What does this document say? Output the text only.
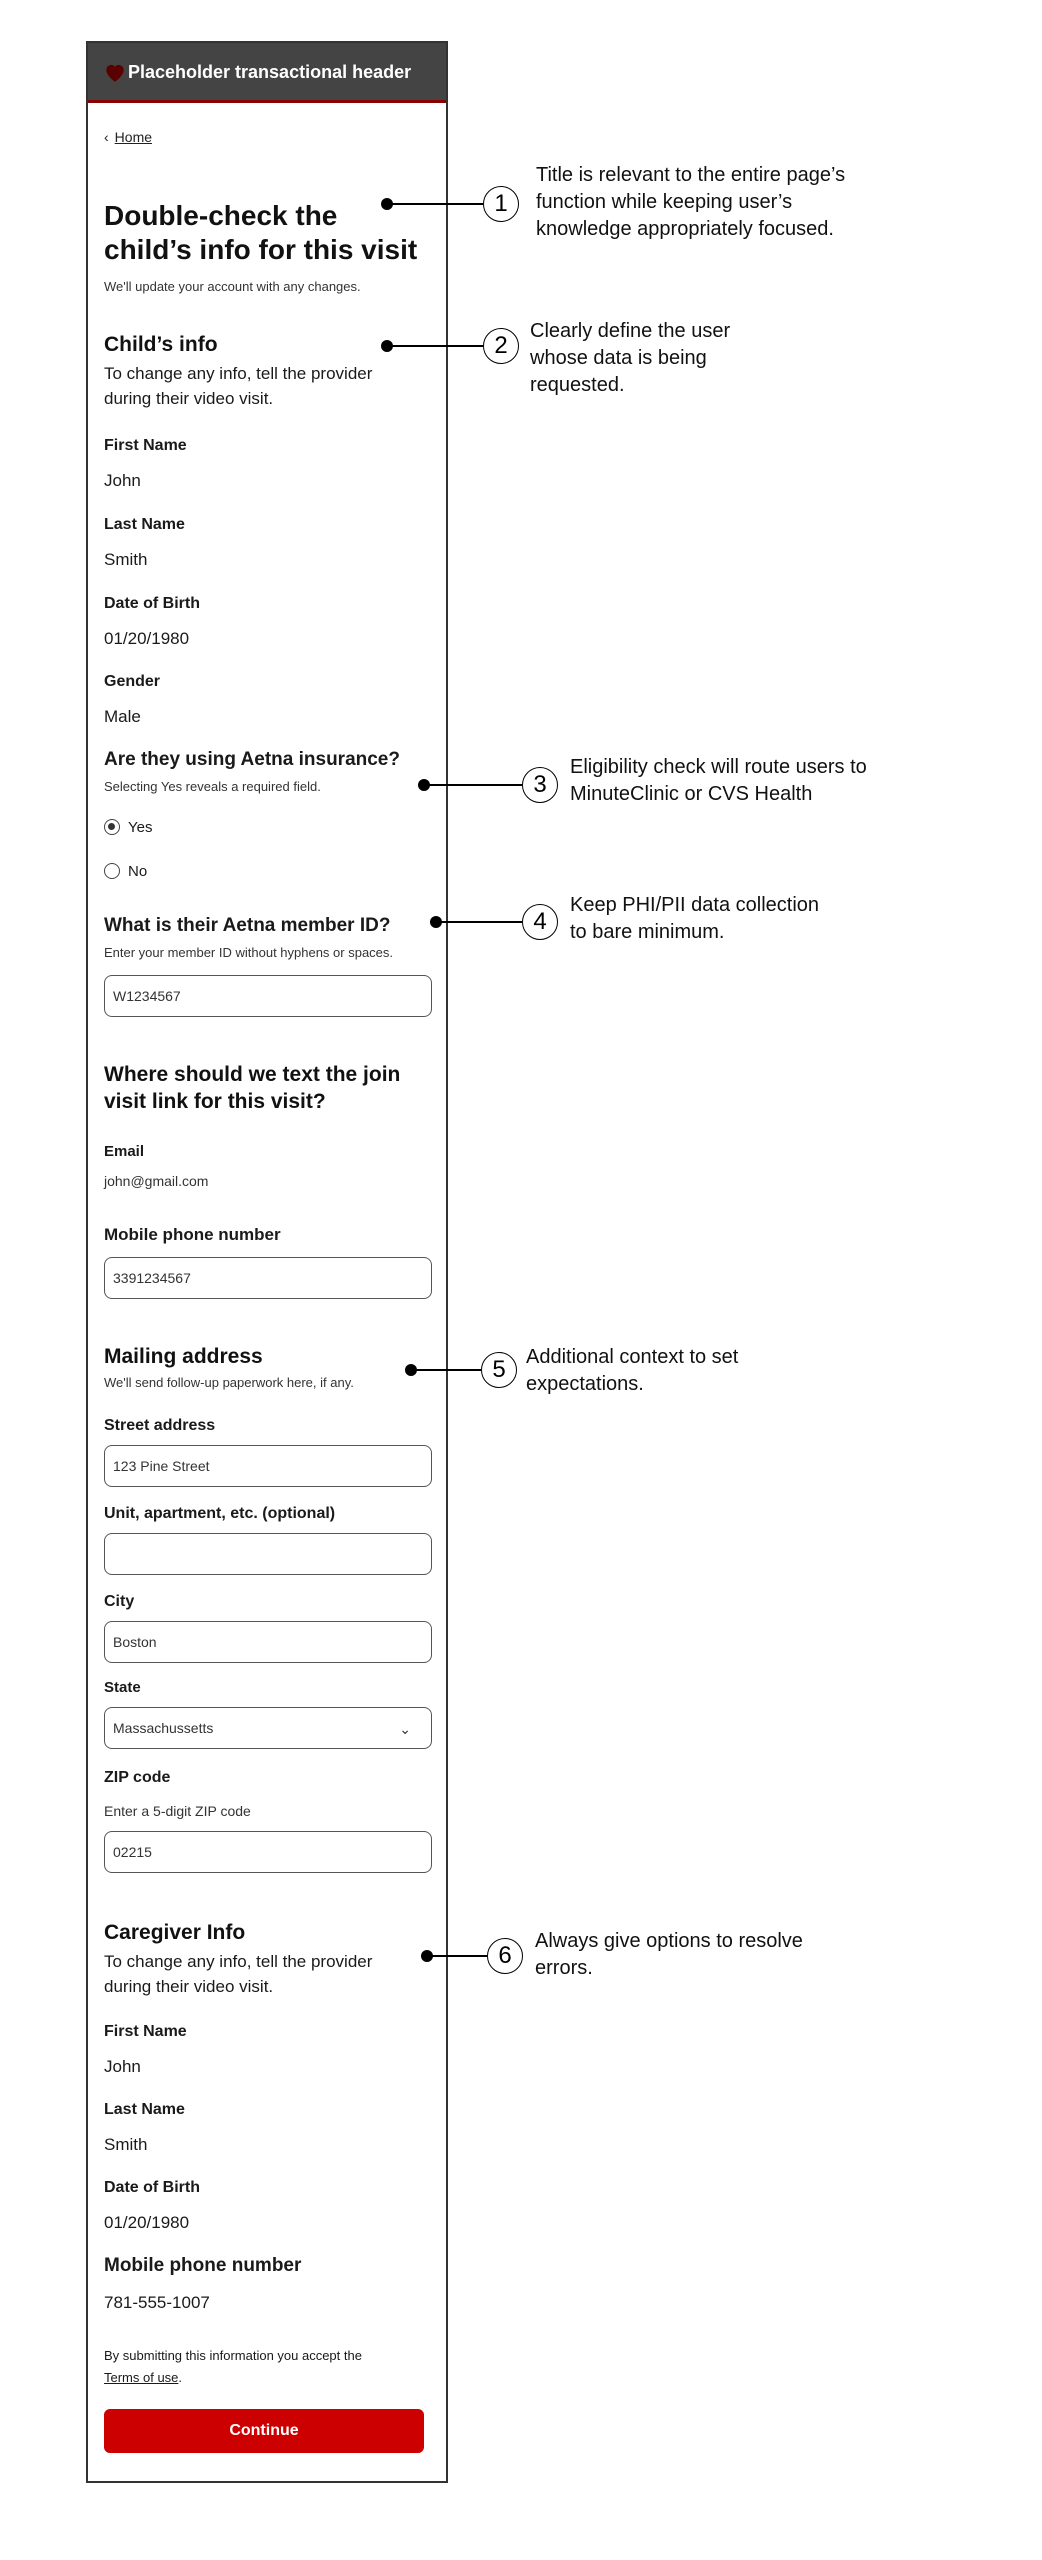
Placeholder transactional header
‹ Home
Double-check the
child’s info for this visit
We'll update your account with any changes.
Child’s info
To change any info, tell the provider
during their video visit.
First Name
John
Last Name
Smith
Date of Birth
01/20/1980
Gender
Male
Are they using Aetna insurance?
Selecting Yes reveals a required field.
Yes
No
What is their Aetna member ID?
Enter your member ID without hyphens or spaces.
W1234567
Where should we text the join
visit link for this visit?
Email
john@gmail.com
Mobile phone number
3391234567
Mailing address
We'll send follow-up paperwork here, if any.
Street address
123 Pine Street
Unit, apartment, etc. (optional)
City
Boston
State
Massachussetts	⌄
ZIP code
Enter a 5-digit ZIP code
02215
Caregiver Info
To change any info, tell the provider
during their video visit.
First Name
John
Last Name
Smith
Date of Birth
01/20/1980
Mobile phone number
781-555-1007
By submitting this information you accept the
Terms of use.
Continue
1
Title is relevant to the entire page’s
function while keeping user’s
knowledge appropriately focused.
2
Clearly define the user
whose data is being
requested.
3
Eligibility check will route users to
MinuteClinic or CVS Health
4
Keep PHI/PII data collection
to bare minimum.
5	Additional context to set
expectations.
6
Always give options to resolve
errors.
